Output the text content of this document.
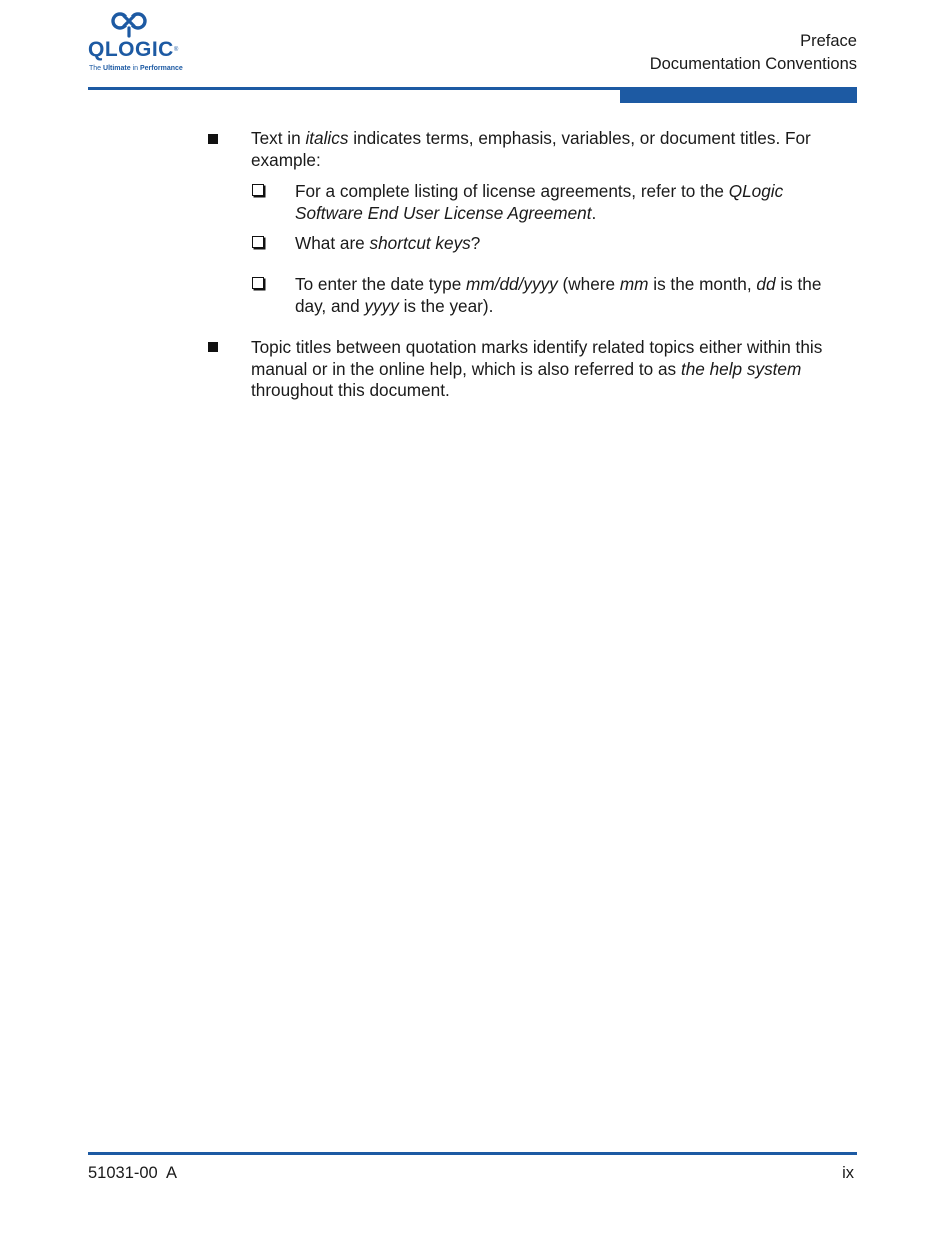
QLOGIC®
The Ultimate in Performance
Preface
Documentation Conventions
Text in italics indicates terms, emphasis, variables, or document titles. For example:
For a complete listing of license agreements, refer to the QLogic Software End User License Agreement.
What are shortcut keys?
To enter the date type mm/dd/yyyy (where mm is the month, dd is the day, and yyyy is the year).
Topic titles between quotation marks identify related topics either within this manual or in the online help, which is also referred to as the help system throughout this document.
51031-00  A	ix
